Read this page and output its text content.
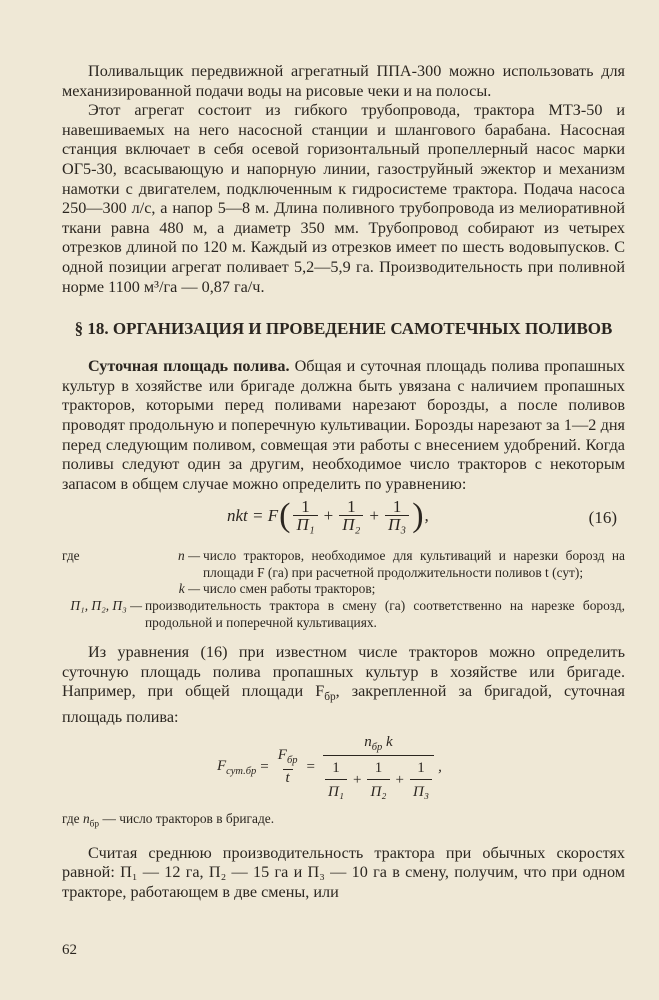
Поливальщик передвижной агрегатный ППА-300 можно использовать для механизированной подачи воды на рисовые чеки и на полосы.

Этот агрегат состоит из гибкого трубопровода, трактора МТЗ-50 и навешиваемых на него насосной станции и шлангового барабана. Насосная станция включает в себя осевой горизонтальный пропеллерный насос марки ОГ5-30, всасывающую и напорную линии, газоструйный эжектор и механизм намотки с двигателем, подключенным к гидросистеме трактора. Подача насоса 250—300 л/с, а напор 5—8 м. Длина поливного трубопровода из мелиоративной ткани равна 480 м, а диаметр 350 мм. Трубопровод собирают из четырех отрезков длиной по 120 м. Каждый из отрезков имеет по шесть водовыпусков. С одной позиции агрегат поливает 5,2—5,9 га. Производительность при поливной норме 1100 м³/га — 0,87 га/ч.

§ 18. ОРГАНИЗАЦИЯ И ПРОВЕДЕНИЕ САМОТЕЧНЫХ ПОЛИВОВ

Суточная площадь полива. Общая и суточная площадь полива пропашных культур в хозяйстве или бригаде должна быть увязана с наличием пропашных тракторов, которыми перед поливами нарезают борозды, а после поливов проводят продольную и поперечную культивации. Борозды нарезают за 1—2 дня перед следующим поливом, совмещая эти работы с внесением удобрений. Когда поливы следуют один за другим, необходимое число тракторов с некоторым запасом в общем случае можно определить по уравнению:

nkt = F ( $\frac{1}{\text{П₁}} + \frac{1}{\text{П₂}} + \frac{1}{\text{П₃}}$ ) ,	(16)
где	n — число тракторов, необходимое для культиваций и нарезки борозд на площади F (га) при расчетной продолжительности поливов t (сут);
k — число смен работы тракторов;
П₁, П₂, П₃ — производительность трактора в смену (га) соответственно на нарезке борозд, продольной и поперечной культивациях.

Из уравнения (16) при известном числе тракторов можно определить суточную площадь полива пропашных культур в хозяйстве или бригаде. Например, при общей площади $F_{бр}$, закрепленной за бригадой, суточная площадь полива:

$F_{сут.бр} = \frac{F_{бр}}{t}$ =
$n_{бр}$ k
$\frac{1}{\text{П₁}} + \frac{1}{\text{П₂}} + \frac{1}{\text{П₃}}$ ,
где $n_{бр}$ — число тракторов в бригаде.

Считая среднюю производительность трактора при обычных скоростях равной: П₁ — 12 га, П₂ — 15 га и П₃ — 10 га в смену, получим, что при одном тракторе, работающем в две смены, или

62
